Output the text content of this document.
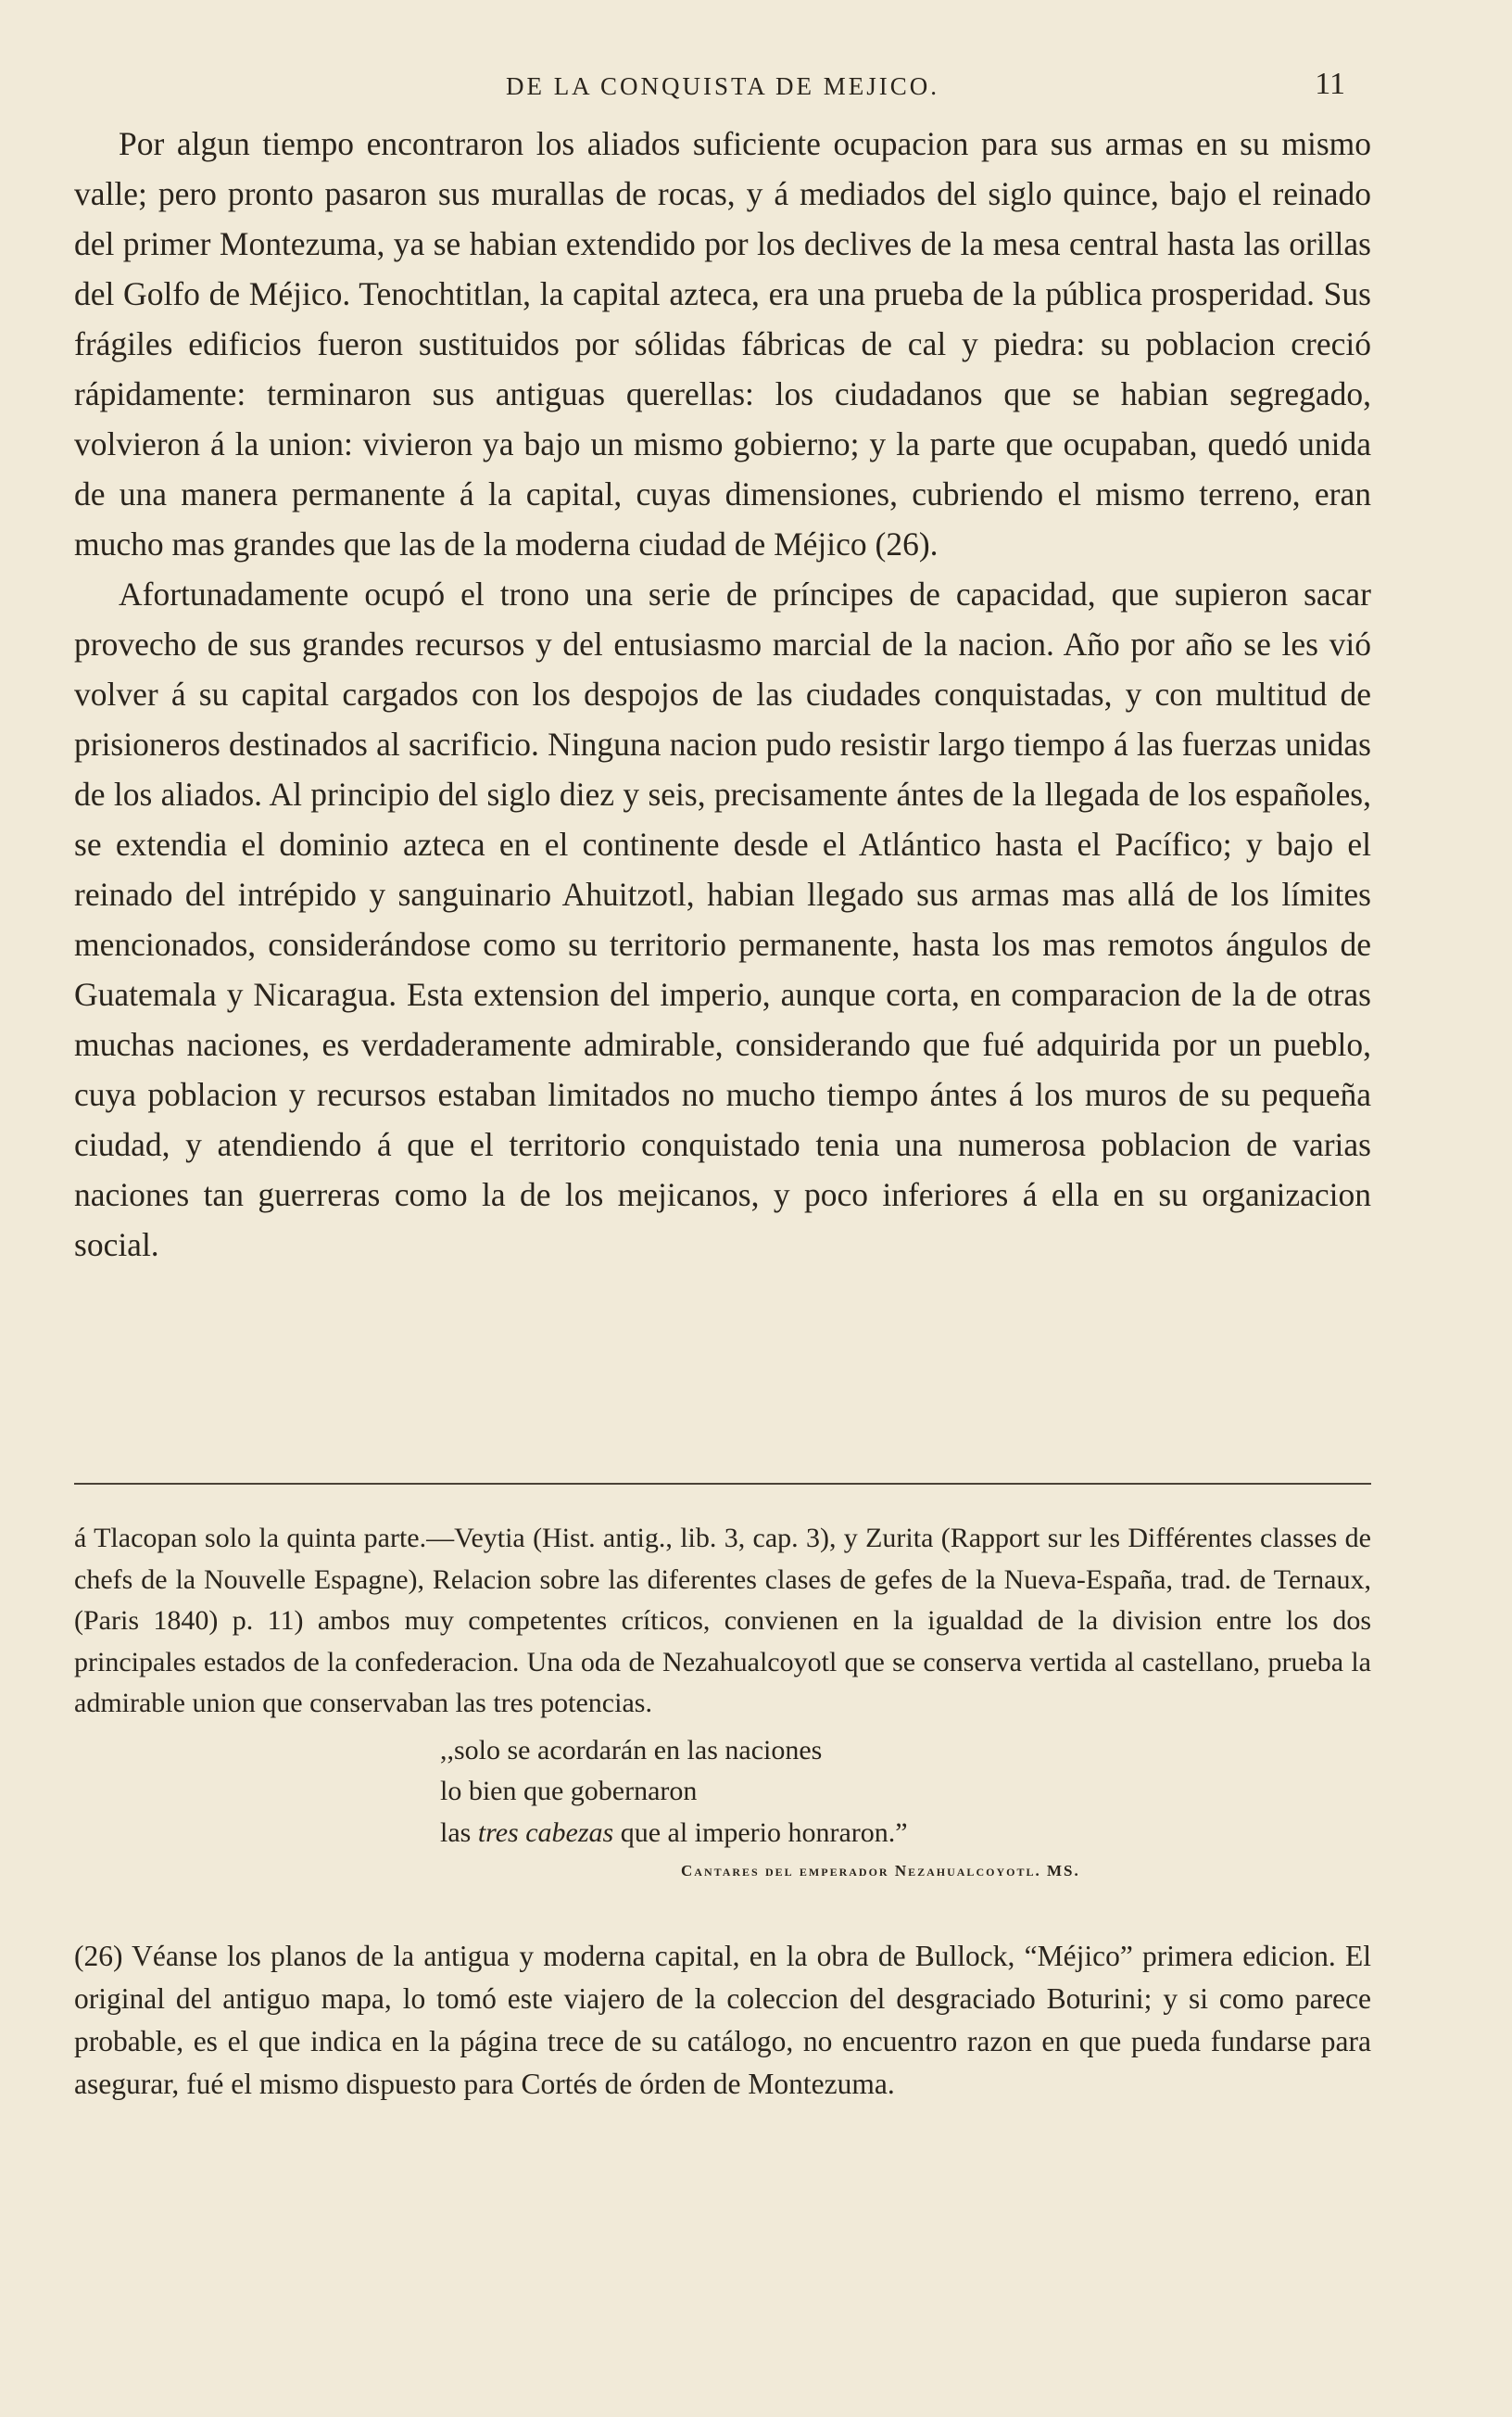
DE LA CONQUISTA DE MEJICO.	11

Por algun tiempo encontraron los aliados suficiente ocupacion para sus armas en su mismo valle; pero pronto pasaron sus murallas de rocas, y á mediados del siglo quince, bajo el reinado del primer Montezuma, ya se habian extendido por los declives de la mesa central hasta las orillas del Golfo de Méjico. Tenochtitlan, la capital azteca, era una prueba de la pública prosperidad. Sus frágiles edificios fueron sustituidos por sólidas fábricas de cal y piedra: su poblacion creció rápidamente: terminaron sus antiguas querellas: los ciudadanos que se habian segregado, volvieron á la union: vivieron ya bajo un mismo gobierno; y la parte que ocupaban, quedó unida de una manera permanente á la capital, cuyas dimensiones, cubriendo el mismo terreno, eran mucho mas grandes que las de la moderna ciudad de Méjico (26).

Afortunadamente ocupó el trono una serie de príncipes de capacidad, que supieron sacar provecho de sus grandes recursos y del entusiasmo marcial de la nacion. Año por año se les vió volver á su capital cargados con los despojos de las ciudades conquistadas, y con multitud de prisioneros destinados al sacrificio. Ninguna nacion pudo resistir largo tiempo á las fuerzas unidas de los aliados. Al principio del siglo diez y seis, precisamente ántes de la llegada de los españoles, se extendia el dominio azteca en el continente desde el Atlántico hasta el Pacífico; y bajo el reinado del intrépido y sanguinario Ahuitzotl, habian llegado sus armas mas allá de los límites mencionados, considerándose como su territorio permanente, hasta los mas remotos ángulos de Guatemala y Nicaragua. Esta extension del imperio, aunque corta, en comparacion de la de otras muchas naciones, es verdaderamente admirable, considerando que fué adquirida por un pueblo, cuya poblacion y recursos estaban limitados no mucho tiempo ántes á los muros de su pequeña ciudad, y atendiendo á que el territorio conquistado tenia una numerosa poblacion de varias naciones tan guerreras como la de los mejicanos, y poco inferiores á ella en su organizacion social.

á Tlacopan solo la quinta parte.—Veytia (Hist. antig., lib. 3, cap. 3), y Zurita (Rapport sur les Différentes classes de chefs de la Nouvelle Espagne), Relacion sobre las diferentes clases de gefes de la Nueva-España, trad. de Ternaux, (Paris 1840) p. 11) ambos muy competentes críticos, convienen en la igualdad de la division entre los dos principales estados de la confederacion. Una oda de Nezahualcoyotl que se conserva vertida al castellano, prueba la admirable union que conservaban las tres potencias.

,,solo se acordarán en las naciones
lo bien que gobernaron
las tres cabezas que al imperio honraron.”
Cantares del emperador Nezahualcoyotl. MS.

(26) Véanse los planos de la antigua y moderna capital, en la obra de Bullock, “Méjico” primera edicion. El original del antiguo mapa, lo tomó este viajero de la coleccion del desgraciado Boturini; y si como parece probable, es el que indica en la página trece de su catálogo, no encuentro razon en que pueda fundarse para asegurar, fué el mismo dispuesto para Cortés de órden de Montezuma.
